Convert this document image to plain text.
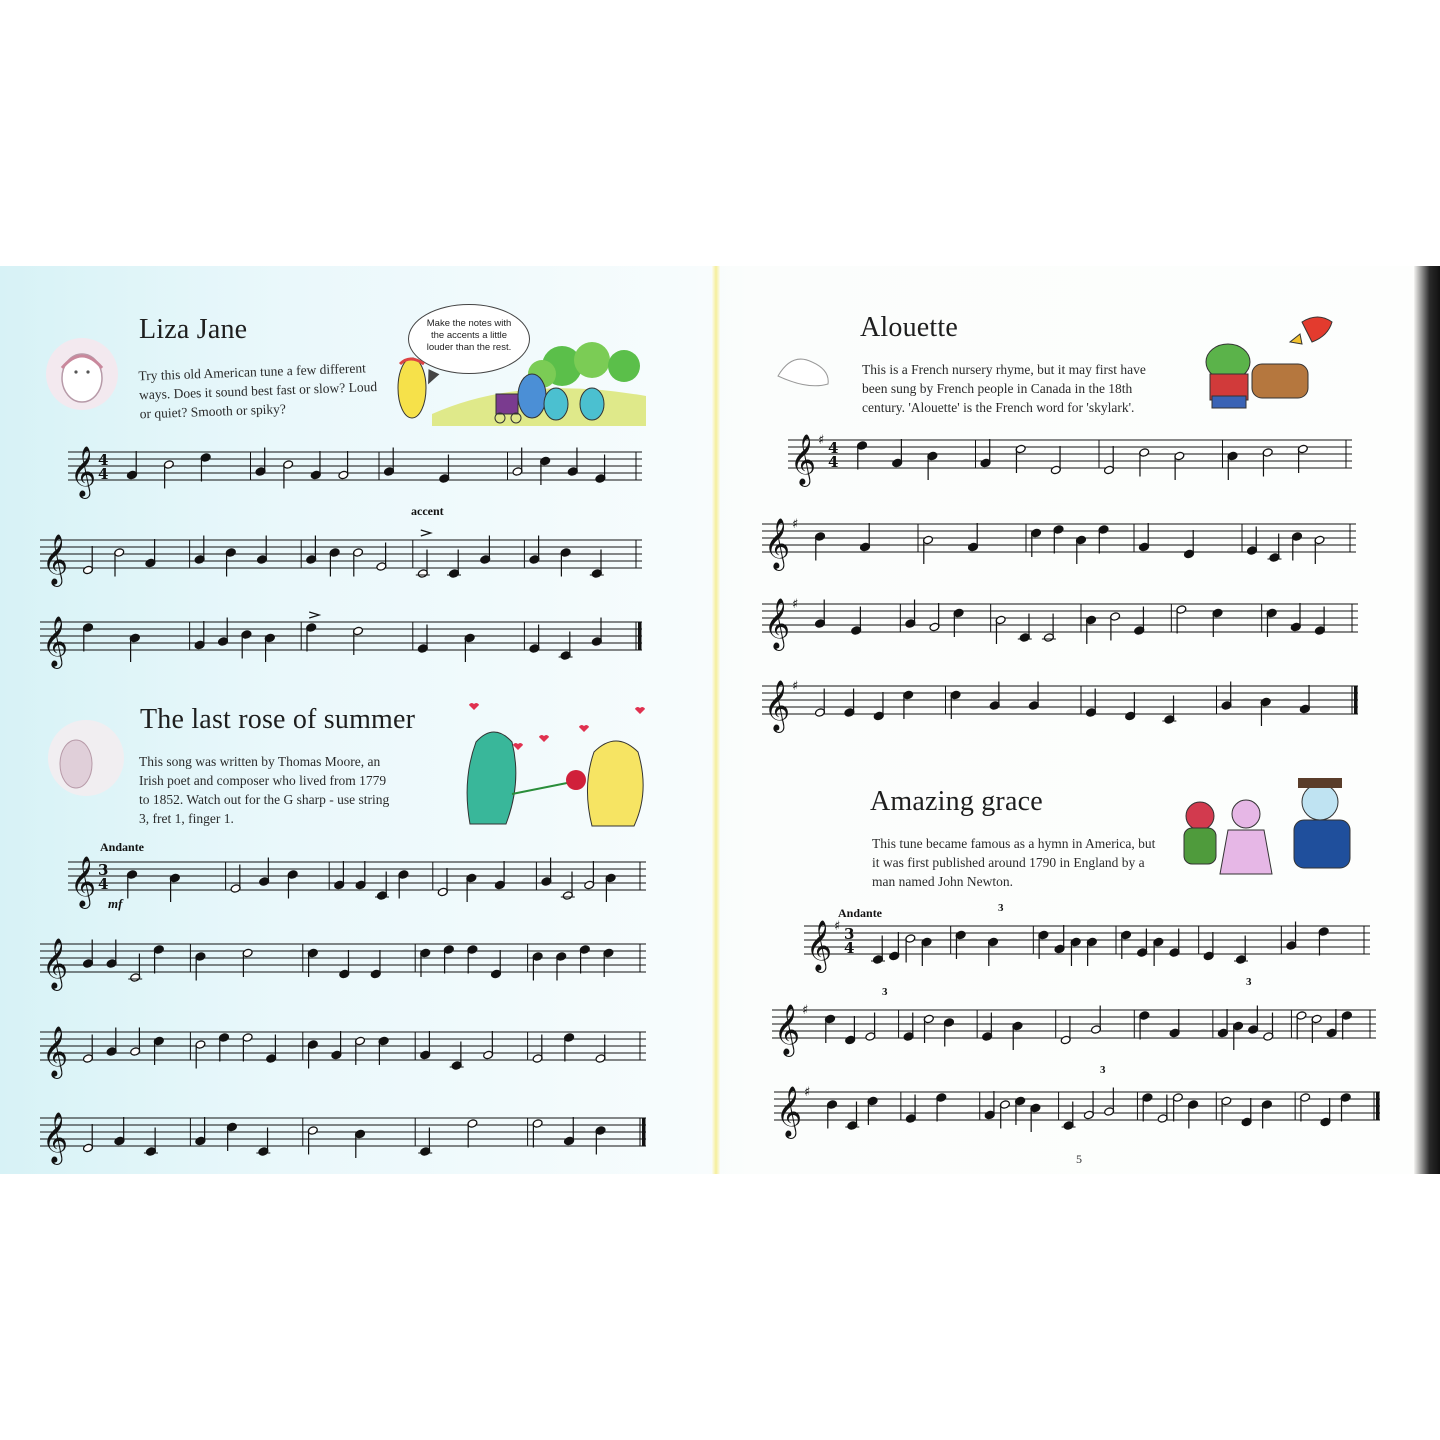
Liza Jane
Try this old American tune a few different ways. Does it sound best fast or slow? Loud or quiet? Smooth or spiky?
Make the notes with the accents a little louder than the rest.
accent
𝄞 4
4
𝄞
𝄞
The last rose of summer
This song was written by Thomas Moore, an Irish poet and composer who lived from 1779 to 1852. Watch out for the G sharp - use string 3, fret 1, finger 1.
Andante
mf
𝄞 3
4
𝄞
𝄞
𝄞
Alouette
This is a French nursery rhyme, but it may first have been sung by French people in Canada in the 18th century. 'Alouette' is the French word for 'skylark'.
𝄞 ♯ 4
4
𝄞 ♯
𝄞 ♯
𝄞 ♯
Amazing grace
This tune became famous as a hymn in America, but it was first published around 1790 in England by a man named John Newton.
Andante	3
3
3
3
𝄞 ♯ 3
4
𝄞 ♯
𝄞 ♯
5
